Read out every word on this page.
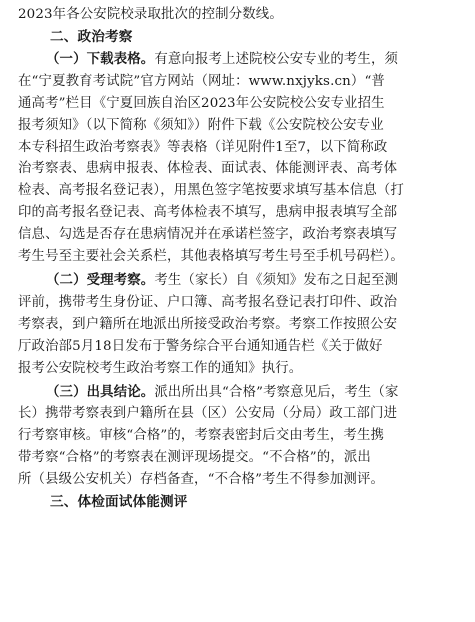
2023年各公安院校录取批次的控制分数线。
二、政治考察
（一）下载表格。有意向报考上述院校公安专业的考生，须
在“宁夏教育考试院”官方网站（网址：www.nxjyks.cn）“普
通高考”栏目《宁夏回族自治区2023年公安院校公安专业招生
报考须知》（以下简称《须知》）附件下载《公安院校公安专业
本专科招生政治考察表》等表格（详见附件1至7，以下简称政
治考察表、患病申报表、体检表、面试表、体能测评表、高考体
检表、高考报名登记表），用黑色签字笔按要求填写基本信息（打
印的高考报名登记表、高考体检表不填写，患病申报表填写全部
信息、勾选是否存在患病情况并在承诺栏签字，政治考察表填写
考生号至主要社会关系栏，其他表格填写考生号至手机号码栏）。
（二）受理考察。考生（家长）自《须知》发布之日起至测
评前，携带考生身份证、户口簿、高考报名登记表打印件、政治
考察表，到户籍所在地派出所接受政治考察。考察工作按照公安
厅政治部5月18日发布于警务综合平台通知通告栏《关于做好
报考公安院校考生政治考察工作的通知》执行。
（三）出具结论。派出所出具“合格”考察意见后，考生（家
长）携带考察表到户籍所在县（区）公安局（分局）政工部门进
行考察审核。审核“合格”的，考察表密封后交由考生，考生携
带考察“合格”的考察表在测评现场提交。“不合格”的，派出
所（县级公安机关）存档备查，“不合格”考生不得参加测评。
三、体检面试体能测评
